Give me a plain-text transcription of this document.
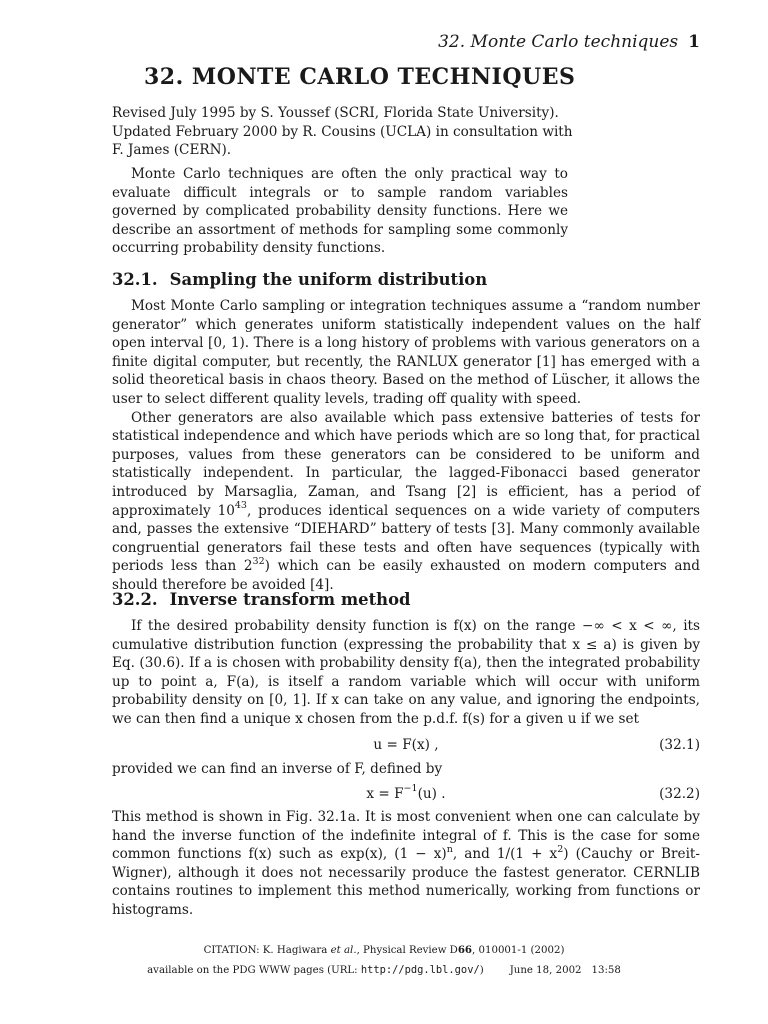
32. Monte Carlo techniques 1
32. MONTE CARLO TECHNIQUES

Revised July 1995 by S. Youssef (SCRI, Florida State University).

Updated February 2000 by R. Cousins (UCLA) in consultation with

F. James (CERN).

Monte Carlo techniques are often the only practical way to evaluate difficult integrals or to sample random variables governed by complicated probability density functions. Here we describe an assortment of methods for sampling some commonly occurring probability density functions.

32.1. Sampling the uniform distribution

Most Monte Carlo sampling or integration techniques assume a “random number generator” which generates uniform statistically independent values on the half open interval [0, 1). There is a long history of problems with various generators on a finite digital computer, but recently, the RANLUX generator [1] has emerged with a solid theoretical basis in chaos theory. Based on the method of Lüscher, it allows the user to select different quality levels, trading off quality with speed.

Other generators are also available which pass extensive batteries of tests for statistical independence and which have periods which are so long that, for practical purposes, values from these generators can be considered to be uniform and statistically independent. In particular, the lagged-Fibonacci based generator introduced by Marsaglia, Zaman, and Tsang [2] is efficient, has a period of approximately $10^{43}$, produces identical sequences on a wide variety of computers and, passes the extensive “DIEHARD” battery of tests [3]. Many commonly available congruential generators fail these tests and often have sequences (typically with periods less than $2^{32}$) which can be easily exhausted on modern computers and should therefore be avoided [4].

32.2. Inverse transform method

If the desired probability density function is f(x) on the range −∞ < x < ∞, its cumulative distribution function (expressing the probability that x ≤ a) is given by Eq. (30.6). If a is chosen with probability density f(a), then the integrated probability up to point a, F(a), is itself a random variable which will occur with uniform probability density on [0, 1]. If x can take on any value, and ignoring the endpoints, we can then find a unique x chosen from the p.d.f. f(s) for a given u if we set

u = F(x) ,	(32.1)

provided we can find an inverse of F, defined by

$x = F^{-1}(u)$ .	(32.2)

This method is shown in Fig. 32.1a. It is most convenient when one can calculate by hand the inverse function of the indefinite integral of f. This is the case for some common functions f(x) such as exp(x), $(1 - x)^n$, and $1/(1 + x^2)$ (Cauchy or Breit-Wigner), although it does not necessarily produce the fastest generator. CERNLIB contains routines to implement this method numerically, working from functions or histograms.

CITATION: K. Hagiwara et al., Physical Review D66, 010001-1 (2002)
available on the PDG WWW pages (URL: http://pdg.lbl.gov/)	June 18, 2002 13:58
